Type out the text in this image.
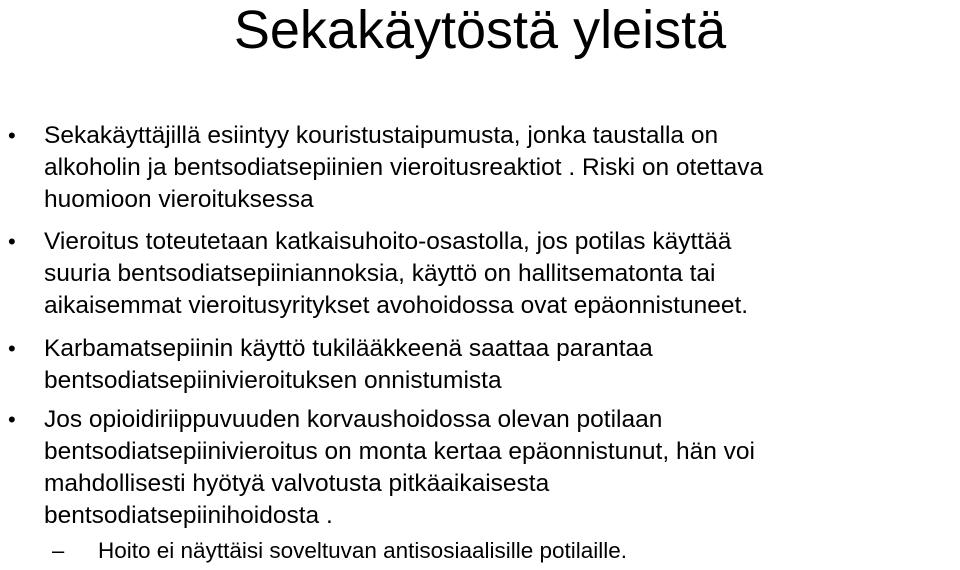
Sekakäytöstä yleistä
•	Sekakäyttäjillä esiintyy kouristustaipumusta, jonka taustalla on
alkoholin ja bentsodiatsepiinien vieroitusreaktiot . Riski on otettava
huomioon vieroituksessa
•	Vieroitus toteutetaan katkaisuhoito-osastolla, jos potilas käyttää
suuria bentsodiatsepiiniannoksia, käyttö on hallitsematonta tai
aikaisemmat vieroitusyritykset avohoidossa ovat epäonnistuneet.
•	Karbamatsepiinin käyttö tukilääkkeenä saattaa parantaa
bentsodiatsepiinivieroituksen onnistumista
•	Jos opioidiriippuvuuden korvaushoidossa olevan potilaan
bentsodiatsepiinivieroitus on monta kertaa epäonnistunut, hän voi
mahdollisesti hyötyä valvotusta pitkäaikaisesta
bentsodiatsepiinihoidosta .
– Hoito ei näyttäisi soveltuvan antisosiaalisille potilaille.
